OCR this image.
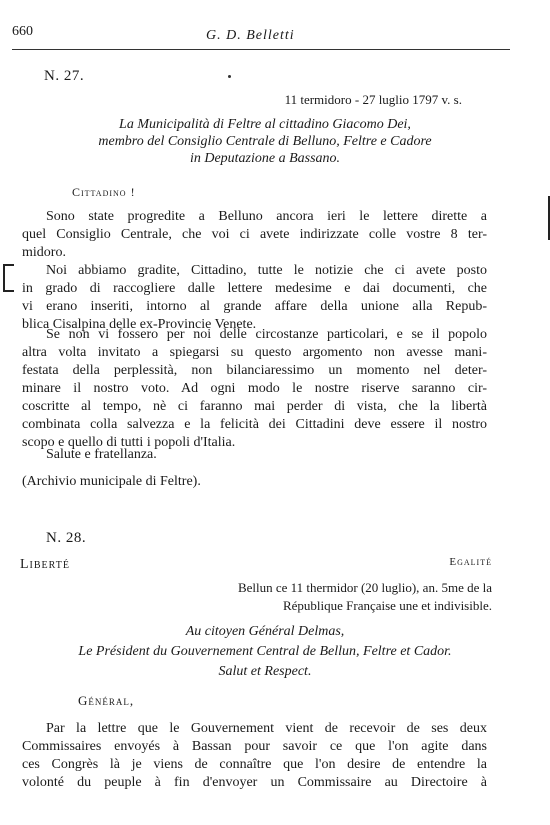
660	G. D. Belletti
N. 27.
11 termidoro - 27 luglio 1797 v. s.
La Municipalità di Feltre al cittadino Giacomo Dei,
membro del Consiglio Centrale di Belluno, Feltre e Cadore
in Deputazione a Bassano.
Cittadino !
Sono state progredite a Belluno ancora ieri le lettere dirette a
quel Consiglio Centrale, che voi ci avete indirizzate colle vostre 8 ter-
midoro.
Noi abbiamo gradite, Cittadino, tutte le notizie che ci avete posto
in grado di raccogliere dalle lettere medesime e dai documenti, che
vi erano inseriti, intorno al grande affare della unione alla Repub-
blica Cisalpina delle ex-Provincie Venete.
Se non vi fossero per noi delle circostanze particolari, e se il popolo
altra volta invitato a spiegarsi su questo argomento non avesse mani-
festata della perplessità, non bilanciaressimo un momento nel deter-
minare il nostro voto. Ad ogni modo le nostre riserve saranno cir-
coscritte al tempo, nè ci faranno mai perder di vista, che la libertà
combinata colla salvezza e la felicità dei Cittadini deve essere il nostro
scopo e quello di tutti i popoli d'Italia.
Salute e fratellanza.
(Archivio municipale di Feltre).
N. 28.
Liberté	Egalité
Bellun ce 11 thermidor (20 luglio), an. 5me de la
République Française une et indivisible.
Au citoyen Général Delmas,
Le Président du Gouvernement Central de Bellun, Feltre et Cador.
Salut et Respect.
Général,
Par la lettre que le Gouvernement vient de recevoir de ses deux
Commissaires envoyés à Bassan pour savoir ce que l'on agite dans
ces Congrès là je viens de connaître que l'on desire de entendre la
volonté du peuple à fin d'envoyer un Commissaire au Directoire à
